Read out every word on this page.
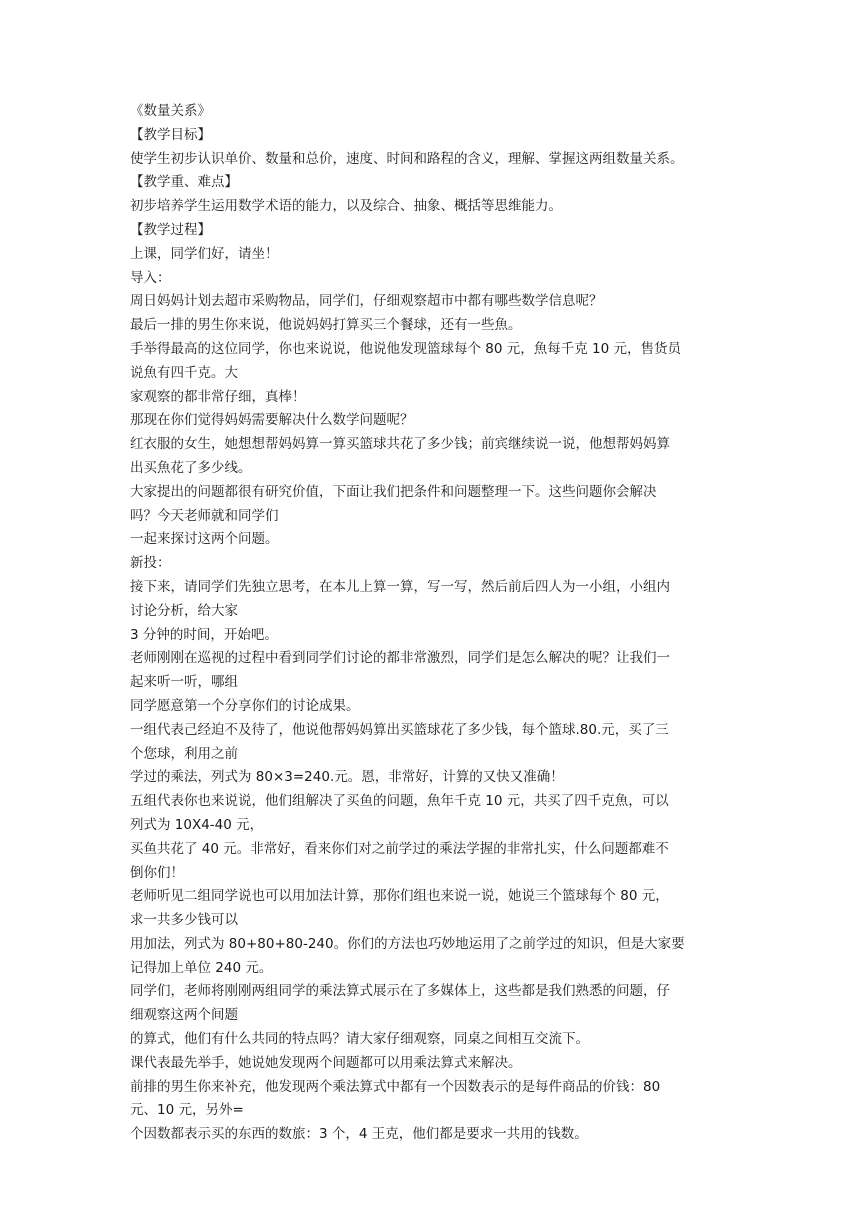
《数量关系》
【教学目标】
使学生初步认识单价、数量和总价，速度、时间和路程的含义，理解、掌握这两组数量关系。
【教学重、难点】
初步培养学生运用数学术语的能力，以及综合、抽象、概括等思维能力。
【教学过程】
上课，同学们好，请坐！
导入：
周日妈妈计划去超市采购物品，同学们，仔细观察超市中都有哪些数学信息呢？
最后一排的男生你来说，他说妈妈打算买三个餐球，还有一些魚。
手举得最高的这位同学，你也来说说，他说他发现篮球每个 80 元，魚每千克 10 元，售货员
说魚有四千克。大
家观察的都非常仔细，真棒！
那现在你们觉得妈妈需要解决什么数学问题呢？
红衣服的女生，她想想帮妈妈算一算买篮球共花了多少钱；前宾继续说一说，他想帮妈妈算
出买魚花了多少线。
大家提出的问题都很有研究价值，下面让我们把条件和问题整理一下。这些问题你会解决
吗？今天老师就和同学们
一起来探讨这两个问题。
新投：
接下来，请同学们先独立思考，在本儿上算一算，写一写，然后前后四人为一小组，小组内
讨论分析，给大家
3 分钟的时间，开始吧。
老师刚刚在巡视的过程中看到同学们讨论的都非常激烈，同学们是怎么解决的呢？让我们一
起来听一听，哪组
同学愿意第一个分享你们的讨论成果。
一组代表己经迫不及待了，他说他帮妈妈算出买篮球花了多少钱，每个篮球.80.元，买了三
个您球，利用之前
学过的乘法，列式为 80×3=240.元。恩，非常好，计算的又快又准确！
五组代表你也来说说，他们组解决了买鱼的问题，魚年千克 10 元，共买了四千克魚，可以
列式为 10X4-40 元，
买鱼共花了 40 元。非常好，看来你们对之前学过的乘法学握的非常扎实，什么问题都难不
倒你们！
老师听见二组同学说也可以用加法计算，那你们组也来说一说，她说三个篮球每个 80 元，
求一共多少钱可以
用加法，列式为 80+80+80-240。你们的方法也巧妙地运用了之前学过的知识，但是大家要
记得加上单位 240 元。
同学们，老师将刚刚两组同学的乘法算式展示在了多媒体上，这些都是我们熟悉的问题，仔
细观察这两个间题
的算式，他们有什么共同的特点吗？请大家仔细观察，同桌之间相互交流下。
课代表最先举手，她说她发现两个间题都可以用乘法算式来解决。
前排的男生你来补充，他发现两个乘法算式中都有一个因数表示的是每件商品的价钱：80
元、10 元，另外=
个因数都表示买的东西的数旅：3 个，4 王克，他们都是要求一共用的钱数。
